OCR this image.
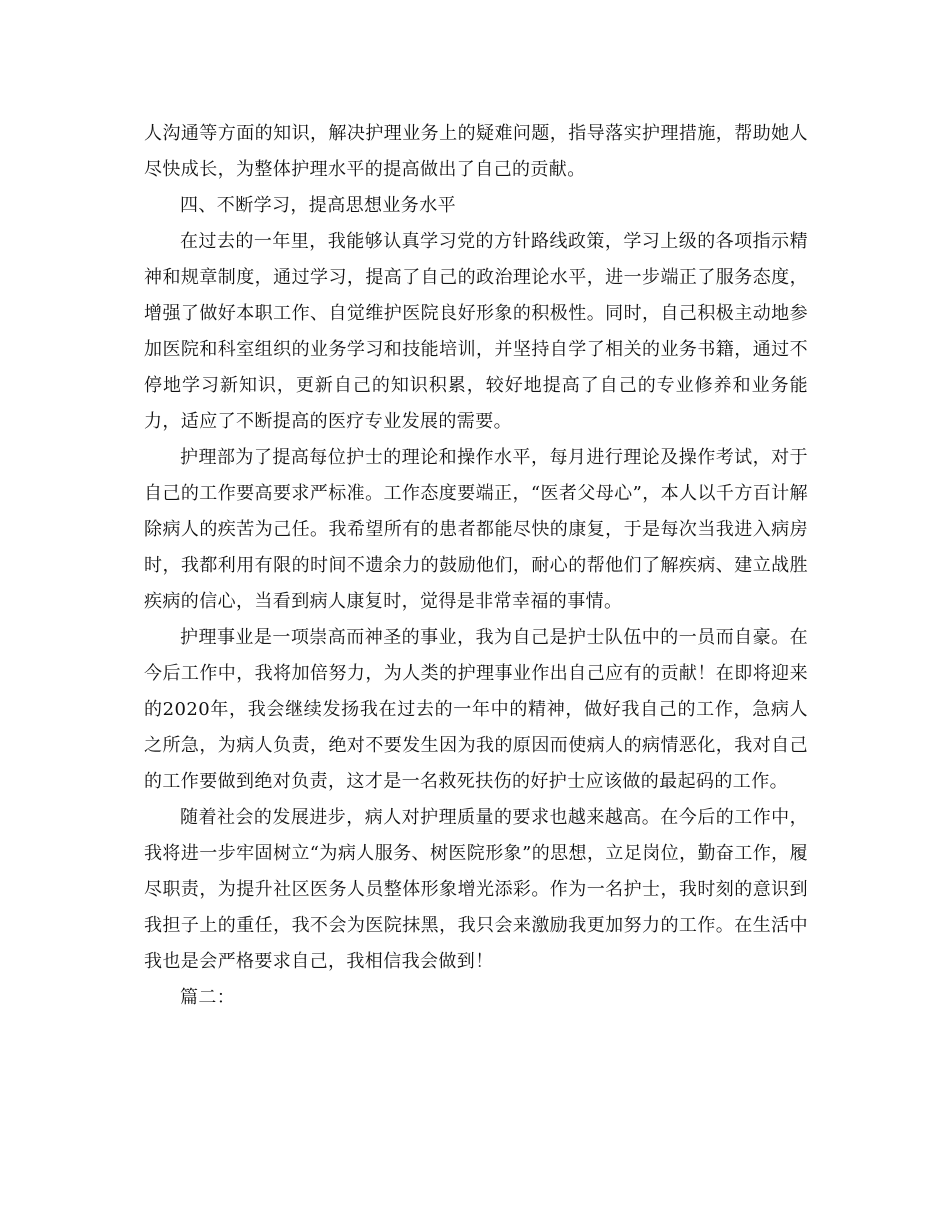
人沟通等方面的知识，解决护理业务上的疑难问题，指导落实护理措施，帮助她人尽快成长，为整体护理水平的提高做出了自己的贡献。

四、不断学习，提高思想业务水平

在过去的一年里，我能够认真学习党的方针路线政策，学习上级的各项指示精神和规章制度，通过学习，提高了自己的政治理论水平，进一步端正了服务态度，增强了做好本职工作、自觉维护医院良好形象的积极性。同时，自己积极主动地参加医院和科室组织的业务学习和技能培训，并坚持自学了相关的业务书籍，通过不停地学习新知识，更新自己的知识积累，较好地提高了自己的专业修养和业务能力，适应了不断提高的医疗专业发展的需要。

护理部为了提高每位护士的理论和操作水平，每月进行理论及操作考试，对于自己的工作要高要求严标准。工作态度要端正，“医者父母心”，本人以千方百计解除病人的疾苦为己任。我希望所有的患者都能尽快的康复，于是每次当我进入病房时，我都利用有限的时间不遗余力的鼓励他们，耐心的帮他们了解疾病、建立战胜疾病的信心，当看到病人康复时，觉得是非常幸福的事情。

护理事业是一项崇高而神圣的事业，我为自己是护士队伍中的一员而自豪。在今后工作中，我将加倍努力，为人类的护理事业作出自己应有的贡献！在即将迎来的2020年，我会继续发扬我在过去的一年中的精神，做好我自己的工作，急病人之所急，为病人负责，绝对不要发生因为我的原因而使病人的病情恶化，我对自己的工作要做到绝对负责，这才是一名救死扶伤的好护士应该做的最起码的工作。

随着社会的发展进步，病人对护理质量的要求也越来越高。在今后的工作中，我将进一步牢固树立“为病人服务、树医院形象”的思想，立足岗位，勤奋工作，履尽职责，为提升社区医务人员整体形象增光添彩。作为一名护士，我时刻的意识到我担子上的重任，我不会为医院抹黑，我只会来激励我更加努力的工作。在生活中我也是会严格要求自己，我相信我会做到！

篇二：
